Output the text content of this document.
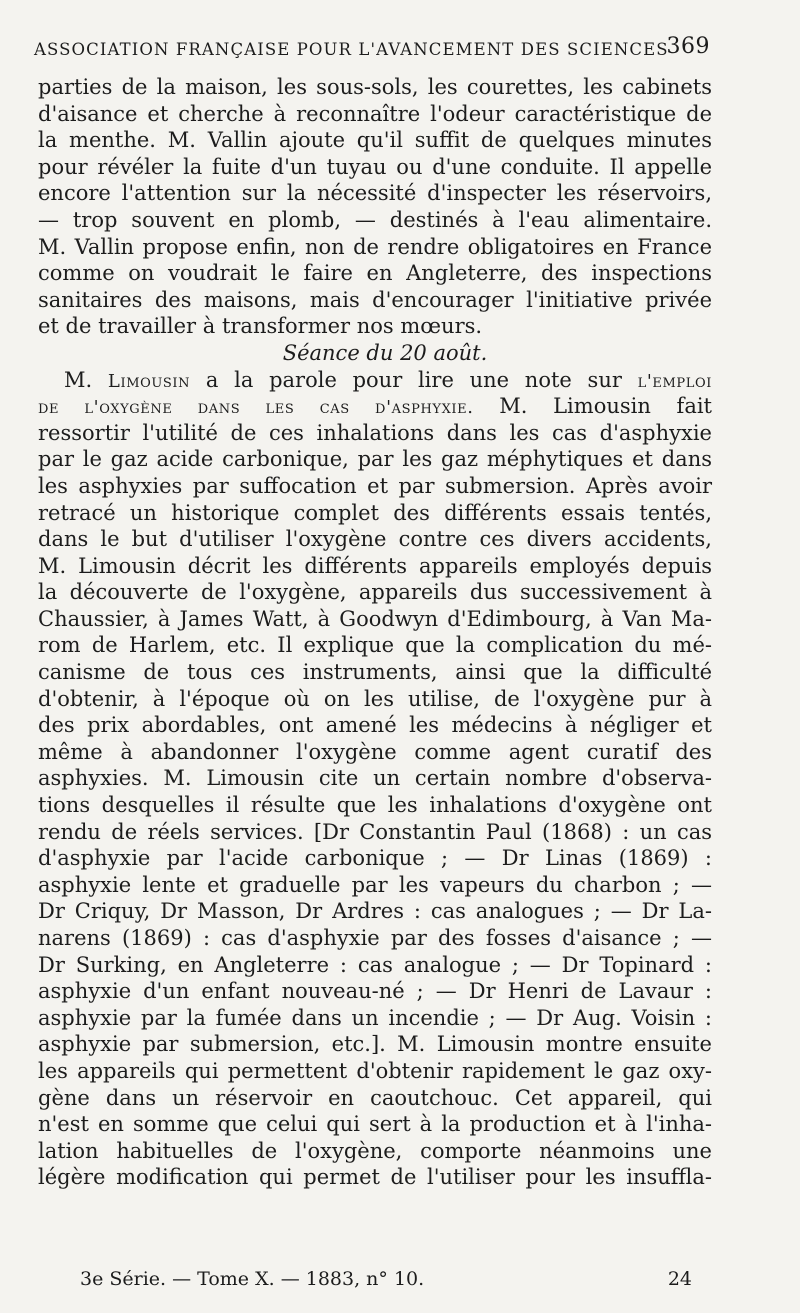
ASSOCIATION FRANÇAISE POUR L'AVANCEMENT DES SCIENCES
369
parties de la maison, les sous-sols, les courettes, les cabinets
d'aisance et cherche à reconnaître l'odeur caractéristique de
la menthe. M. Vallin ajoute qu'il suffit de quelques minutes
pour révéler la fuite d'un tuyau ou d'une conduite. Il appelle
encore l'attention sur la nécessité d'inspecter les réservoirs,
— trop souvent en plomb, — destinés à l'eau alimentaire.
M. Vallin propose enfin, non de rendre obligatoires en France
comme on voudrait le faire en Angleterre, des inspections
sanitaires des maisons, mais d'encourager l'initiative privée
et de travailler à transformer nos mœurs.
Séance du 20 août.
M. Limousin a la parole pour lire une note sur l'emploi
de l'oxygène dans les cas d'asphyxie. M. Limousin fait
ressortir l'utilité de ces inhalations dans les cas d'asphyxie
par le gaz acide carbonique, par les gaz méphytiques et dans
les asphyxies par suffocation et par submersion. Après avoir
retracé un historique complet des différents essais tentés,
dans le but d'utiliser l'oxygène contre ces divers accidents,
M. Limousin décrit les différents appareils employés depuis
la découverte de l'oxygène, appareils dus successivement à
Chaussier, à James Watt, à Goodwyn d'Edimbourg, à Van Ma-
rom de Harlem, etc. Il explique que la complication du mé-
canisme de tous ces instruments, ainsi que la difficulté
d'obtenir, à l'époque où on les utilise, de l'oxygène pur à
des prix abordables, ont amené les médecins à négliger et
même à abandonner l'oxygène comme agent curatif des
asphyxies. M. Limousin cite un certain nombre d'observa-
tions desquelles il résulte que les inhalations d'oxygène ont
rendu de réels services. [Dr Constantin Paul (1868) : un cas
d'asphyxie par l'acide carbonique ; — Dr Linas (1869) :
asphyxie lente et graduelle par les vapeurs du charbon ; —
Dr Criquy, Dr Masson, Dr Ardres : cas analogues ; — Dr La-
narens (1869) : cas d'asphyxie par des fosses d'aisance ; —
Dr Surking, en Angleterre : cas analogue ; — Dr Topinard :
asphyxie d'un enfant nouveau-né ; — Dr Henri de Lavaur :
asphyxie par la fumée dans un incendie ; — Dr Aug. Voisin :
asphyxie par submersion, etc.]. M. Limousin montre ensuite
les appareils qui permettent d'obtenir rapidement le gaz oxy-
gène dans un réservoir en caoutchouc. Cet appareil, qui
n'est en somme que celui qui sert à la production et à l'inha-
lation habituelles de l'oxygène, comporte néanmoins une
légère modification qui permet de l'utiliser pour les insuffla-
3e Série. — Tome X. — 1883, n° 10.	24
